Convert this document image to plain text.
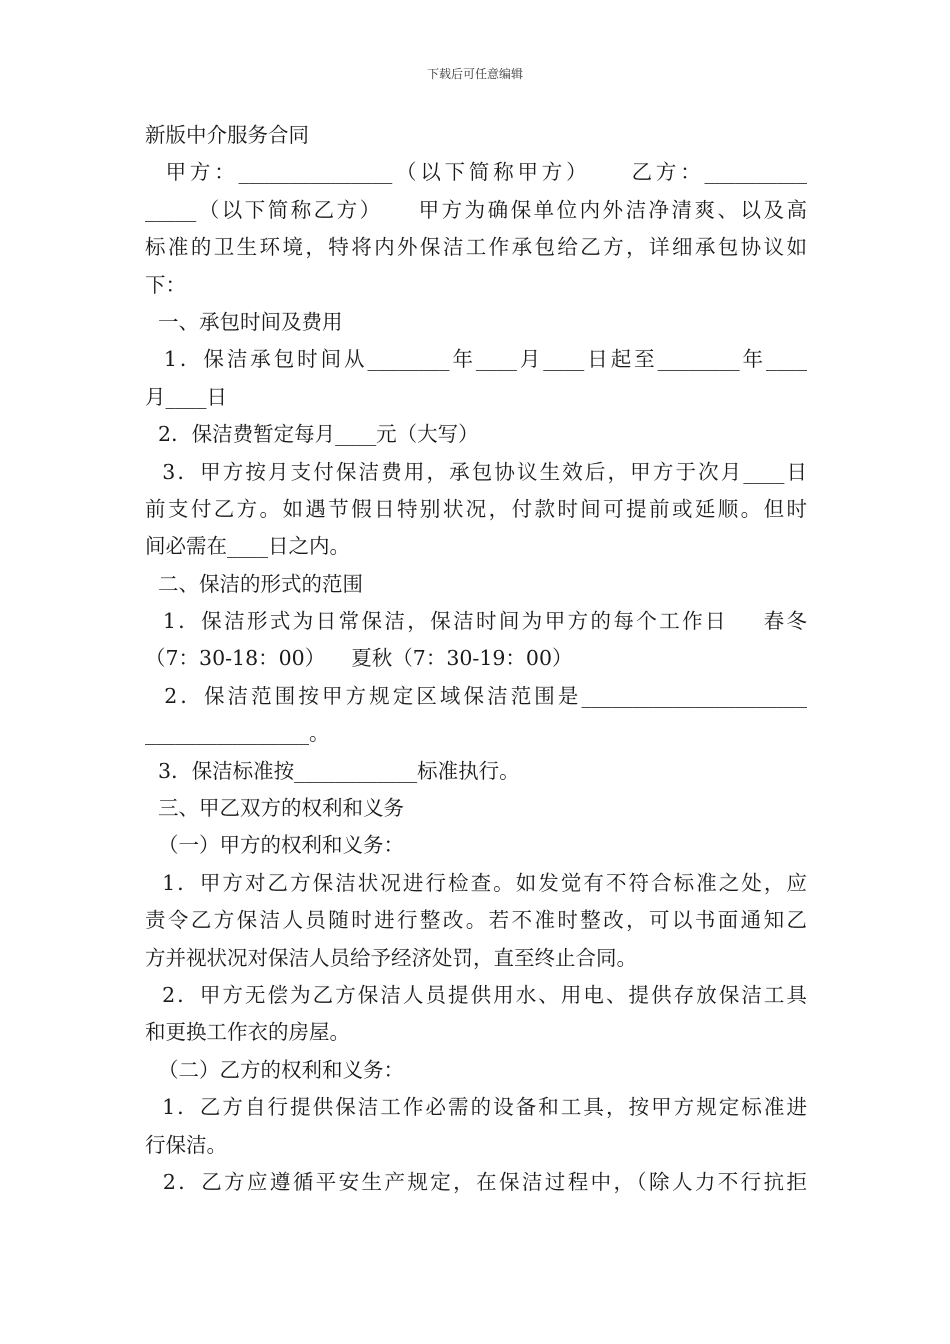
下载后可任意编辑
新版中介服务合同
甲方：_______________（以下简称甲方）    乙方：__________
_____（以下简称乙方）    甲方为确保单位内外洁净清爽、以及高
标准的卫生环境，特将内外保洁工作承包给乙方，详细承包协议如
下：
一、承包时间及费用
1．保洁承包时间从________年____月____日起至________年____
月____日
2．保洁费暂定每月____元（大写）
3．甲方按月支付保洁费用，承包协议生效后，甲方于次月____日
前支付乙方。如遇节假日特别状况，付款时间可提前或延顺。但时
间必需在____日之内。
二、保洁的形式的范围
1．保洁形式为日常保洁，保洁时间为甲方的每个工作日    春冬
（7：30-18：00）    夏秋（7：30-19：00）
2．保洁范围按甲方规定区域保洁范围是______________________
________________。
3．保洁标准按____________标准执行。
三、甲乙双方的权利和义务
（一）甲方的权利和义务：
1．甲方对乙方保洁状况进行检查。如发觉有不符合标准之处，应
责令乙方保洁人员随时进行整改。若不准时整改，可以书面通知乙
方并视状况对保洁人员给予经济处罚，直至终止合同。
2．甲方无偿为乙方保洁人员提供用水、用电、提供存放保洁工具
和更换工作衣的房屋。
（二）乙方的权利和义务：
1．乙方自行提供保洁工作必需的设备和工具，按甲方规定标准进
行保洁。
2．乙方应遵循平安生产规定，在保洁过程中，（除人力不行抗拒
